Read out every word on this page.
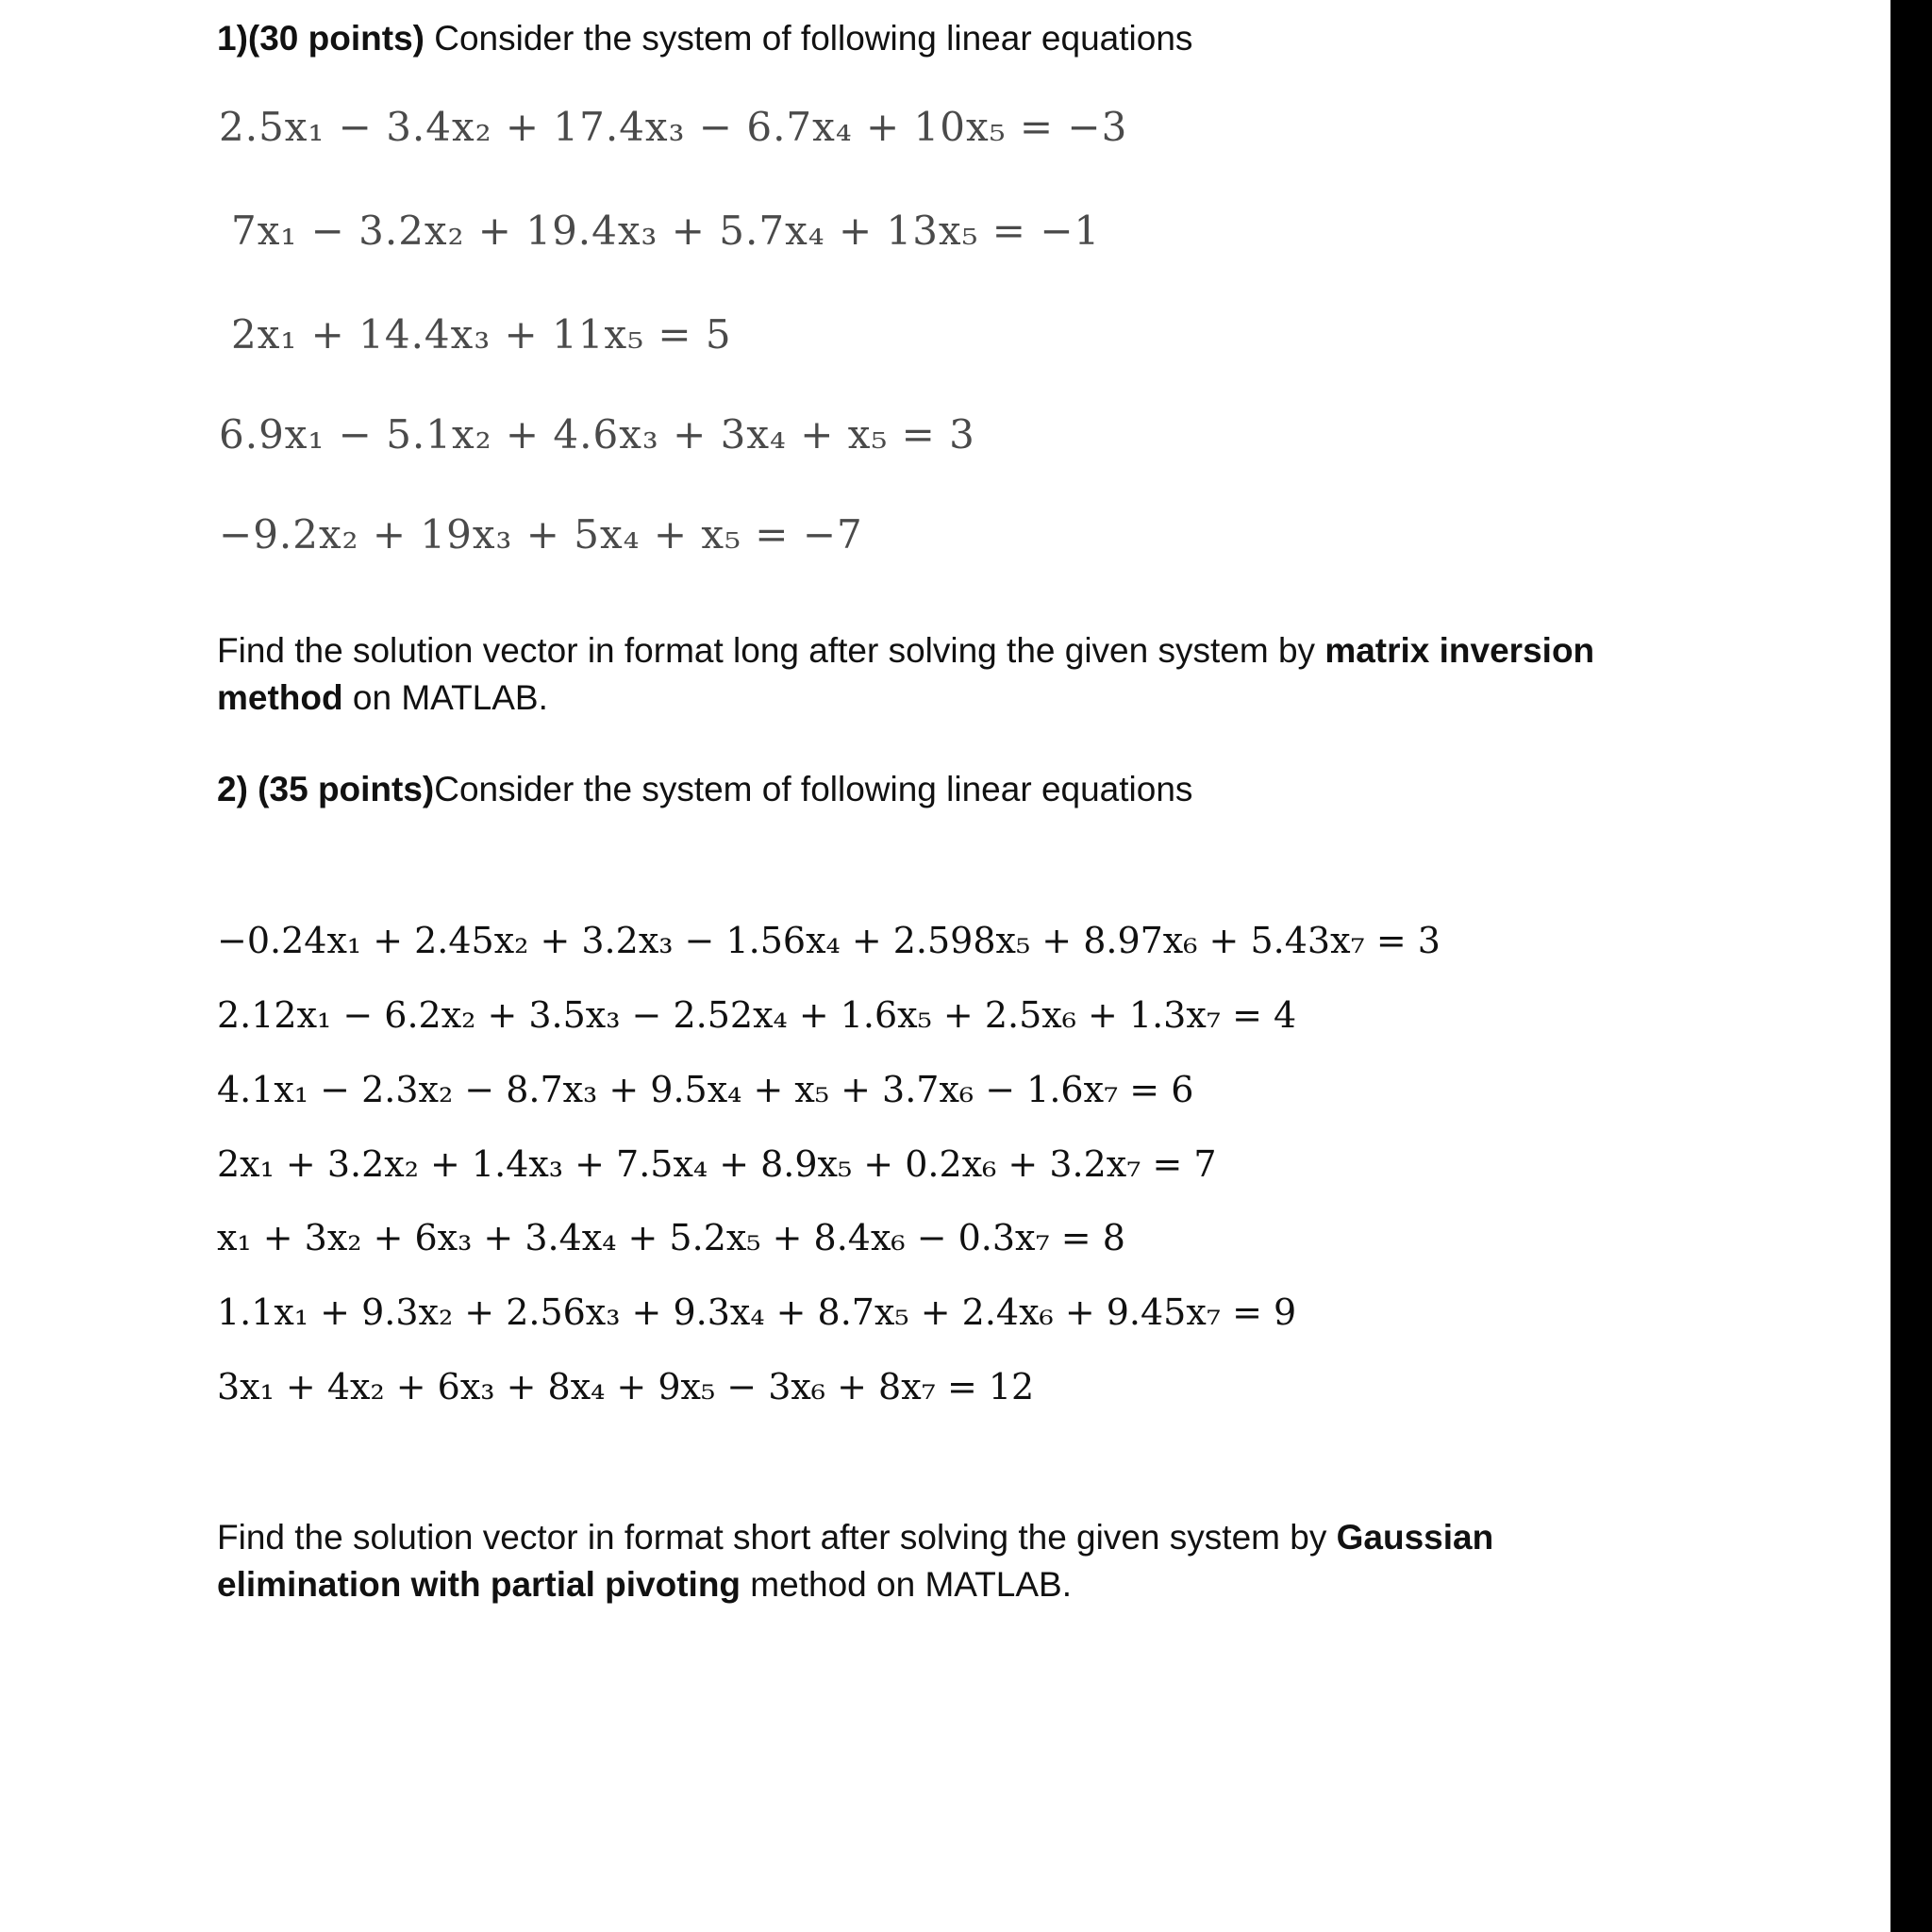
1)(30 points) Consider the system of following linear equations
2.5x₁ − 3.4x₂ + 17.4x₃ − 6.7x₄ + 10x₅ = −3
7x₁ − 3.2x₂ + 19.4x₃ + 5.7x₄ + 13x₅ = −1
2x₁ + 14.4x₃ + 11x₅ = 5
6.9x₁ − 5.1x₂ + 4.6x₃ + 3x₄ + x₅ = 3
−9.2x₂ + 19x₃ + 5x₄ + x₅ = −7
Find the solution vector in format long after solving the given system by matrix inversion method on MATLAB.
2) (35 points)Consider the system of following linear equations
−0.24x₁ + 2.45x₂ + 3.2x₃ − 1.56x₄ + 2.598x₅ + 8.97x₆ + 5.43x₇ = 3
2.12x₁ − 6.2x₂ + 3.5x₃ − 2.52x₄ + 1.6x₅ + 2.5x₆ + 1.3x₇ = 4
4.1x₁ − 2.3x₂ − 8.7x₃ + 9.5x₄ + x₅ + 3.7x₆ − 1.6x₇ = 6
2x₁ + 3.2x₂ + 1.4x₃ + 7.5x₄ + 8.9x₅ + 0.2x₆ + 3.2x₇ = 7
x₁ + 3x₂ + 6x₃ + 3.4x₄ + 5.2x₅ + 8.4x₆ − 0.3x₇ = 8
1.1x₁ + 9.3x₂ + 2.56x₃ + 9.3x₄ + 8.7x₅ + 2.4x₆ + 9.45x₇ = 9
3x₁ + 4x₂ + 6x₃ + 8x₄ + 9x₅ − 3x₆ + 8x₇ = 12
Find the solution vector in format short after solving the given system by Gaussian elimination with partial pivoting method on MATLAB.
